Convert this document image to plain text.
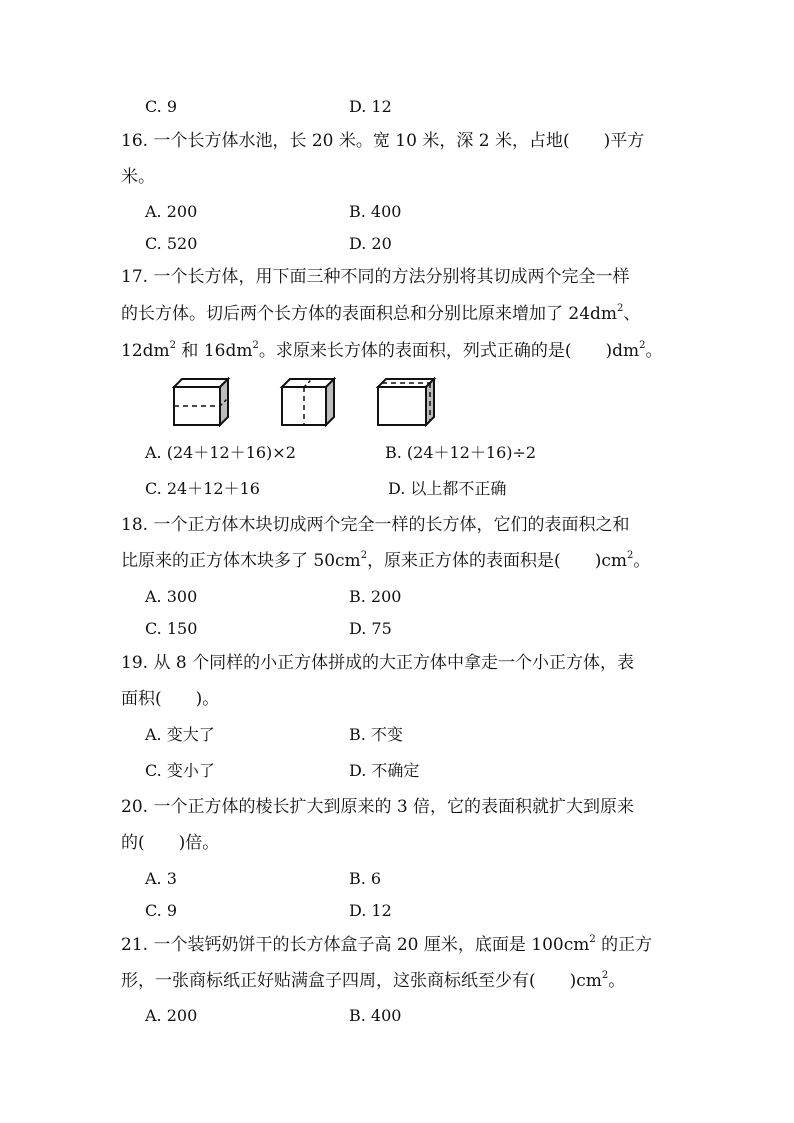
C. 9	D. 12
16. 一个长方体水池，长 20 米。宽 10 米，深 2 米，占地(　　)平方
米。
A. 200	B. 400
C. 520	D. 20
17. 一个长方体，用下面三种不同的方法分别将其切成两个完全一样
的长方体。切后两个长方体的表面积总和分别比原来增加了 $24dm^2$、
$12dm^2$ 和 $16dm^2$。求原来长方体的表面积，列式正确的是(　　)$dm^2$。
A. (24＋12＋16)×2	B. (24＋12＋16)÷2
C. 24＋12＋16	D. 以上都不正确
18. 一个正方体木块切成两个完全一样的长方体，它们的表面积之和
比原来的正方体木块多了 $50cm^2$，原来正方体的表面积是(　　)$cm^2$。
A. 300	B. 200
C. 150	D. 75
19. 从 8 个同样的小正方体拼成的大正方体中拿走一个小正方体，表
面积(　　)。
A. 变大了	B. 不变
C. 变小了	D. 不确定
20. 一个正方体的棱长扩大到原来的 3 倍，它的表面积就扩大到原来
的(　　)倍。
A. 3	B. 6
C. 9	D. 12
21. 一个装钙奶饼干的长方体盒子高 20 厘米，底面是 $100cm^2$ 的正方
形，一张商标纸正好贴满盒子四周，这张商标纸至少有(　　)$cm^2$。
A. 200	B. 400
